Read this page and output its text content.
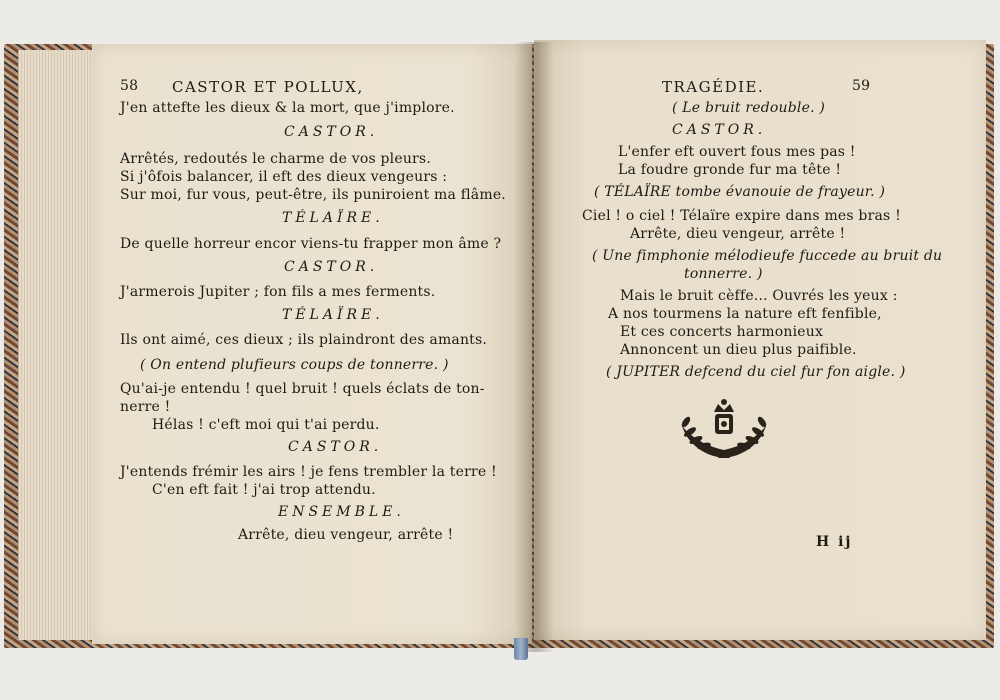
58 CASTOR ET POLLUX,
J'en attefte les dieux & la mort, que j'implore.
CASTOR.
Arrêtés, redoutés le charme de vos pleurs.
Si j'ôfois balancer, il eft des dieux vengeurs :
Sur moi, fur vous, peut-être, ils puniroient ma flâme.
TÉLAÏRE.
De quelle horreur encor viens-tu frapper mon âme ?
CASTOR.
J'armerois Jupiter ; fon fils a mes ferments.
TÉLAÏRE.
Ils ont aimé, ces dieux ; ils plaindront des amants.
( On entend plufieurs coups de tonnerre. )
Qu'ai-je entendu ! quel bruit ! quels éclats de ton-
nerre !
Hélas ! c'eft moi qui t'ai perdu.
CASTOR.
J'entends frémir les airs ! je fens trembler la terre !
C'en eft fait ! j'ai trop attendu.
ENSEMBLE.
Arrête, dieu vengeur, arrête !
TRAGÉDIE.	59
( Le bruit redouble. )
CASTOR.
L'enfer eft ouvert fous mes pas !
La foudre gronde fur ma tête !
( TÉLAÏRE tombe évanouie de frayeur. )
Ciel ! o ciel ! Télaïre expire dans mes bras !
Arrête, dieu vengeur, arrête !
( Une fimphonie mélodieufe fuccede au bruit du
tonnerre. )
Mais le bruit cèffe... Ouvrés les yeux :
A nos tourmens la nature eft fenfible,
Et ces concerts harmonieux
Annoncent un dieu plus paifible.
( JUPITER defcend du ciel fur fon aigle. )
H ij
